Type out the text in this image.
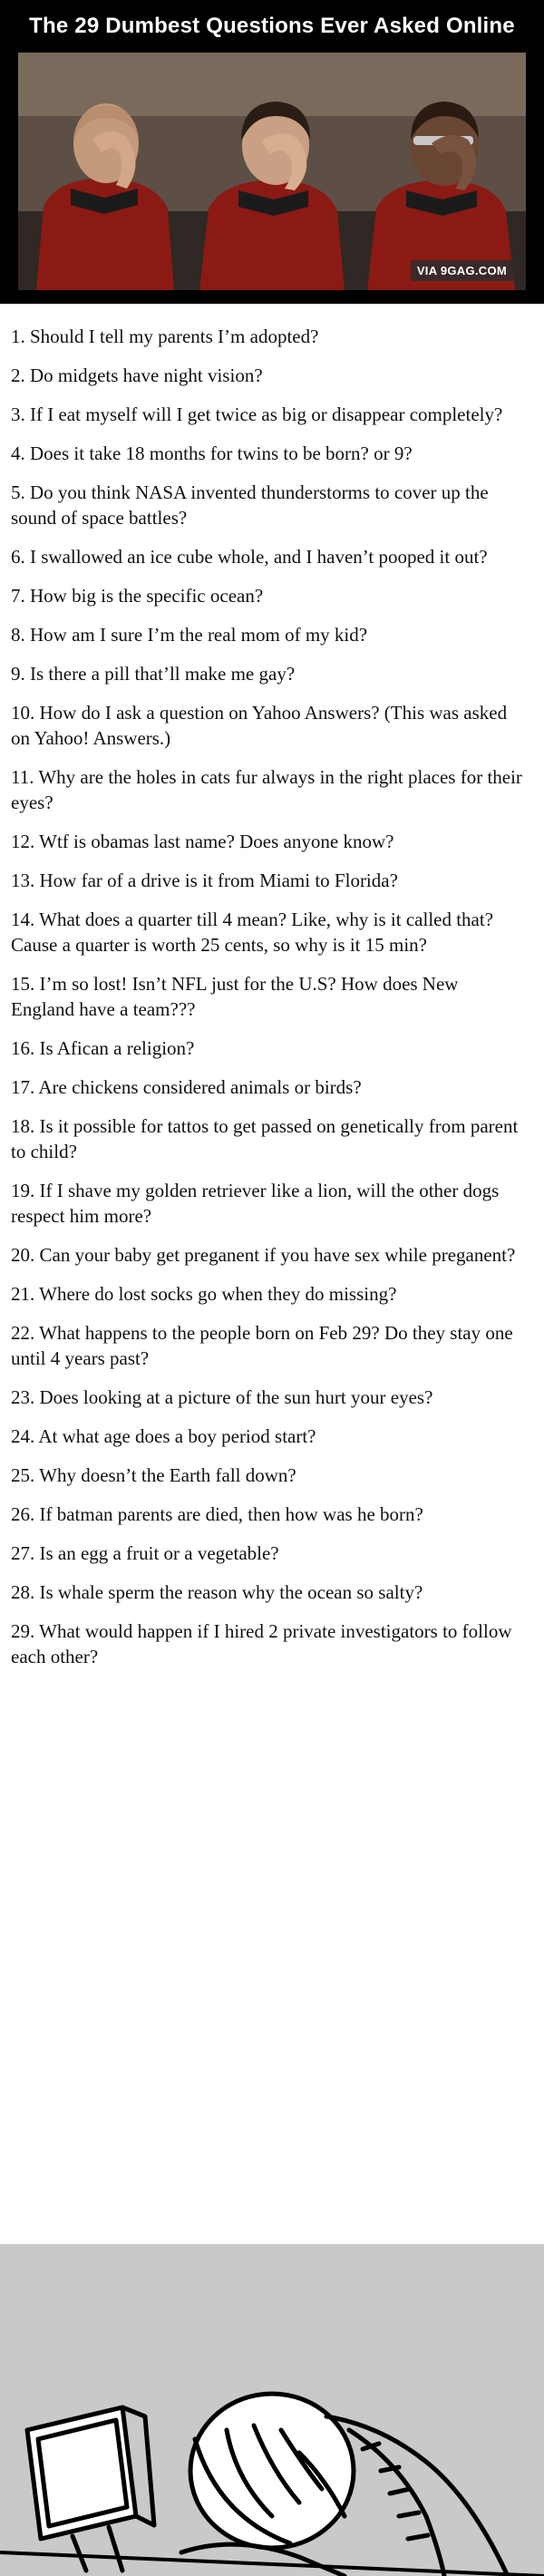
The 29 Dumbest Questions Ever Asked Online
VIA 9GAG.COM
1 . Should I tell my parents I’m adopted?
2 . Do midgets have night vision?
3 . If I eat myself will I get twice as big or disappear completely?
4 . Does it take 18 months for twins to be born? or 9?
5 . Do you think NASA invented thunderstorms to cover up the sound of space battles?
6 . I swallowed an ice cube whole, and I haven’t pooped it out?
7 . How big is the specific ocean?
8 . How am I sure I’m the real mom of my kid?
9 . Is there a pill that’ll make me gay?
10 . How do I ask a question on Yahoo Answers? (This was asked on Yahoo! Answers.)
11 . Why are the holes in cats fur always in the right places for their eyes?
12 . Wtf is obamas last name? Does anyone know?
13 . How far of a drive is it from Miami to Florida?
14 . What does a quarter till 4 mean? Like, why is it called that? Cause a quarter is worth 25 cents, so why is it 15 min?
15 . I’m so lost! Isn’t NFL just for the U.S? How does New England have a team???
16 . Is Afican a religion?
17 . Are chickens considered animals or birds?
18 . Is it possible for tattos to get passed on genetically from parent to child?
19 . If I shave my golden retriever like a lion, will the other dogs respect him more?
20 . Can your baby get preganent if you have sex while preganent?
21 . Where do lost socks go when they do missing?
22 . What happens to the people born on Feb 29? Do they stay one until 4 years past?
23 . Does looking at a picture of the sun hurt your eyes?
24 . At what age does a boy period start?
25 . Why doesn’t the Earth fall down?
26 . If batman parents are died, then how was he born?
27 . Is an egg a fruit or a vegetable?
28 . Is whale sperm the reason why the ocean so salty?
29 . What would happen if I hired 2 private investigators to follow each other?
